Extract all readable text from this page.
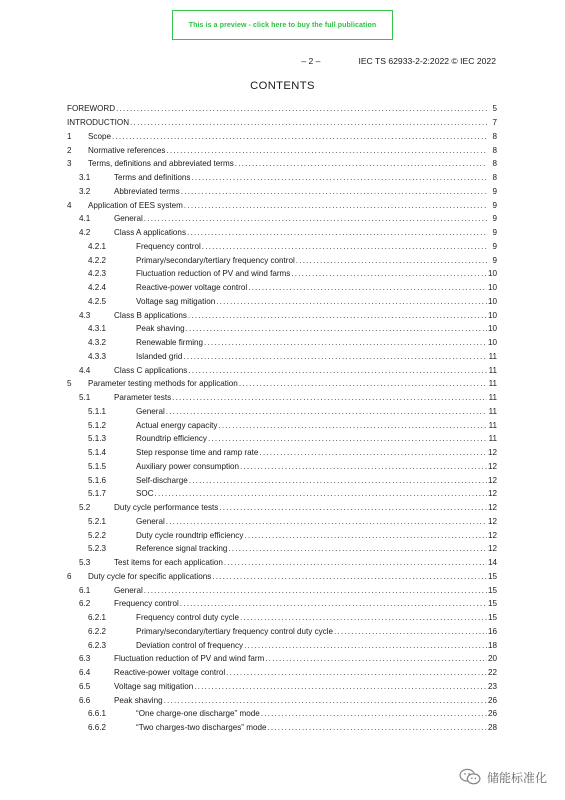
This is a preview - click here to buy the full publication
– 2 –	IEC TS 62933-2-2:2022 © IEC 2022
CONTENTS
FOREWORD .....	5
INTRODUCTION .....	7
1 Scope .....	8
2 Normative references .....	8
3 Terms, definitions and abbreviated terms .....	8
3.1	Terms and definitions .....	8
3.2	Abbreviated terms .....	9
4 Application of EES system .....	9
4.1	General .....	9
4.2	Class A applications .....	9
4.2.1	Frequency control .....	9
4.2.2	Primary/secondary/tertiary frequency control .....	9
4.2.3	Fluctuation reduction of PV and wind farms .....	10
4.2.4	Reactive-power voltage control .....	10
4.2.5	Voltage sag mitigation .....	10
4.3	Class B applications .....	10
4.3.1	Peak shaving .....	10
4.3.2	Renewable firming .....	10
4.3.3	Islanded grid .....	11
4.4	Class C applications .....	11
5 Parameter testing methods for application .....	11
5.1	Parameter tests .....	11
5.1.1	General .....	11
5.1.2	Actual energy capacity .....	11
5.1.3	Roundtrip efficiency .....	11
5.1.4	Step response time and ramp rate .....	12
5.1.5	Auxiliary power consumption .....	12
5.1.6	Self-discharge .....	12
5.1.7	SOC .....	12
5.2	Duty cycle performance tests .....	12
5.2.1	General .....	12
5.2.2	Duty cycle roundtrip efficiency .....	12
5.2.3	Reference signal tracking .....	12
5.3	Test items for each application .....	14
6 Duty cycle for specific applications .....	15
6.1	General .....	15
6.2	Frequency control .....	15
6.2.1	Frequency control duty cycle .....	15
6.2.2	Primary/secondary/tertiary frequency control duty cycle .....	16
6.2.3	Deviation control of frequency .....	18
6.3	Fluctuation reduction of PV and wind farm .....	20
6.4	Reactive-power voltage control .....	22
6.5	Voltage sag mitigation .....	23
6.6	Peak shaving .....	26
6.6.1	“One charge-one discharge” mode .....	26
6.6.2	“Two charges-two discharges” mode .....	28
储能标准化
